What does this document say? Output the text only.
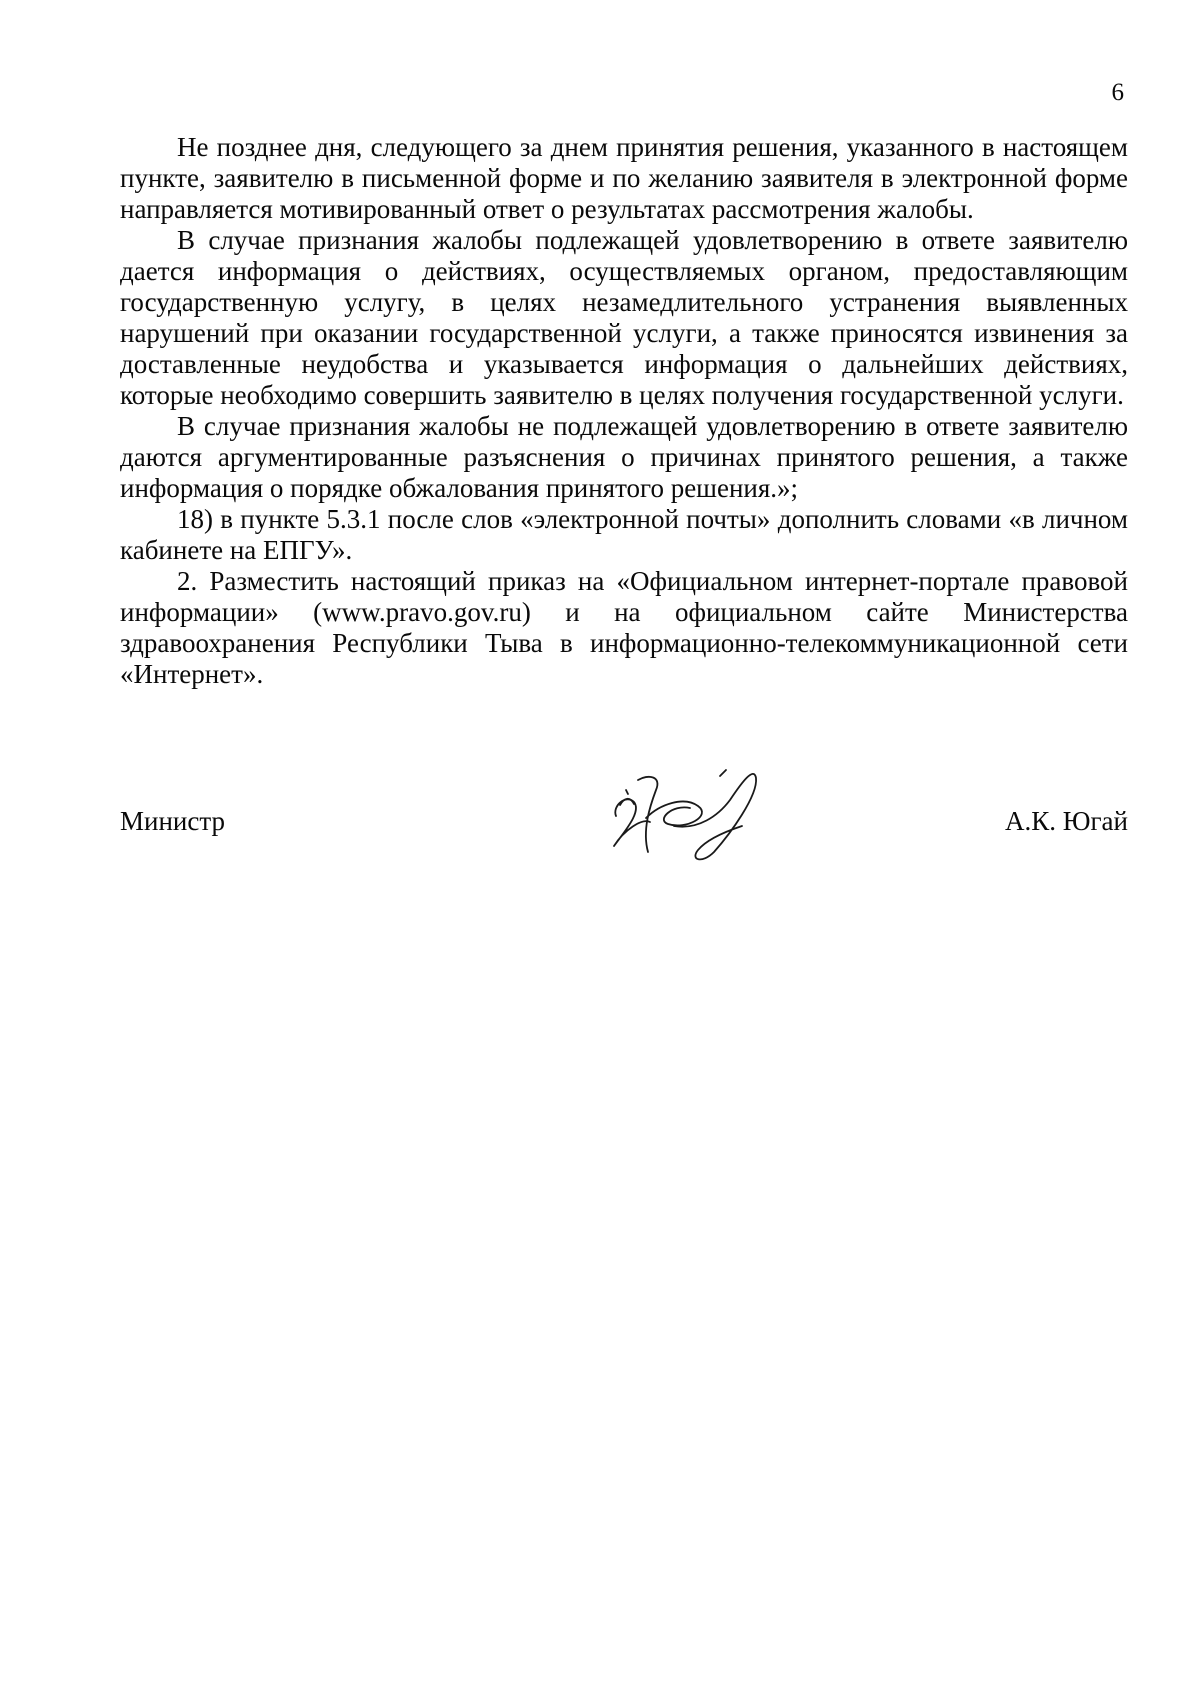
6

Не позднее дня, следующего за днем принятия решения, указанного в настоящем пункте, заявителю в письменной форме и по желанию заявителя в электронной форме направляется мотивированный ответ о результатах рассмотрения жалобы.

В случае признания жалобы подлежащей удовлетворению в ответе заявителю дается информация о действиях, осуществляемых органом, предоставляющим государственную услугу, в целях незамедлительного устранения выявленных нарушений при оказании государственной услуги, а также приносятся извинения за доставленные неудобства и указывается информация о дальнейших действиях, которые необходимо совершить заявителю в целях получения государственной услуги.

В случае признания жалобы не подлежащей удовлетворению в ответе заявителю даются аргументированные разъяснения о причинах принятого решения, а также информация о порядке обжалования принятого решения.»;

18) в пункте 5.3.1 после слов «электронной почты» дополнить словами «в личном кабинете на ЕПГУ».

2. Разместить настоящий приказ на «Официальном интернет-портале правовой информации» (www.pravo.gov.ru) и на официальном сайте Министерства здравоохранения Республики Тыва в информационно-телекоммуникационной сети «Интернет».

Министр	А.К. Югай
